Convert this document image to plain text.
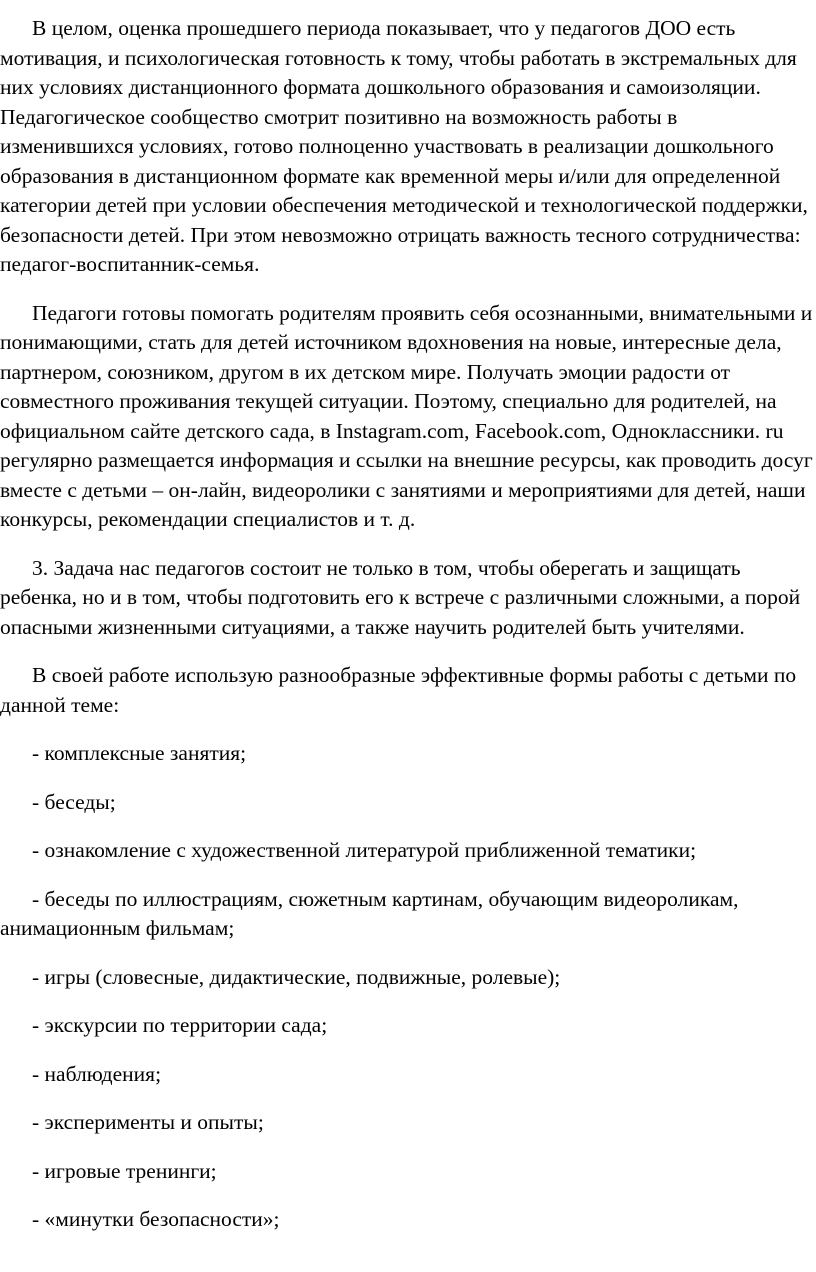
В целом, оценка прошедшего периода показывает, что у педагогов ДОО есть мотивация, и психологическая готовность к тому, чтобы работать в экстремальных для них условиях дистанционного формата дошкольного образования и самоизоляции. Педагогическое сообщество смотрит позитивно на возможность работы в изменившихся условиях, готово полноценно участвовать в реализации дошкольного образования в дистанционном формате как временной меры и/или для определенной категории детей при условии обеспечения методической и технологической поддержки, безопасности детей. При этом невозможно отрицать важность тесного сотрудничества: педагог-воспитанник-семья.

Педагоги готовы помогать родителям проявить себя осознанными, внимательными и понимающими, стать для детей источником вдохновения на новые, интересные дела, партнером, союзником, другом в их детском мире. Получать эмоции радости от совместного проживания текущей ситуации. Поэтому, специально для родителей, на официальном сайте детского сада, в Instagram.com, Facebook.com, Одноклассники. ru регулярно размещается информация и ссылки на внешние ресурсы, как проводить досуг вместе с детьми – он-лайн, видеоролики с занятиями и мероприятиями для детей, наши конкурсы, рекомендации специалистов и т. д.

3. Задача нас педагогов состоит не только в том, чтобы оберегать и защищать ребенка, но и в том, чтобы подготовить его к встрече с различными сложными, а порой опасными жизненными ситуациями, а также научить родителей быть учителями.

В своей работе использую разнообразные эффективные формы работы с детьми по данной теме:

- комплексные занятия;

- беседы;

- ознакомление с художественной литературой приближенной тематики;

- беседы по иллюстрациям, сюжетным картинам, обучающим видеороликам, анимационным фильмам;

- игры (словесные, дидактические, подвижные, ролевые);

- экскурсии по территории сада;

- наблюдения;

- эксперименты и опыты;

- игровые тренинги;

- «минутки безопасности»;
